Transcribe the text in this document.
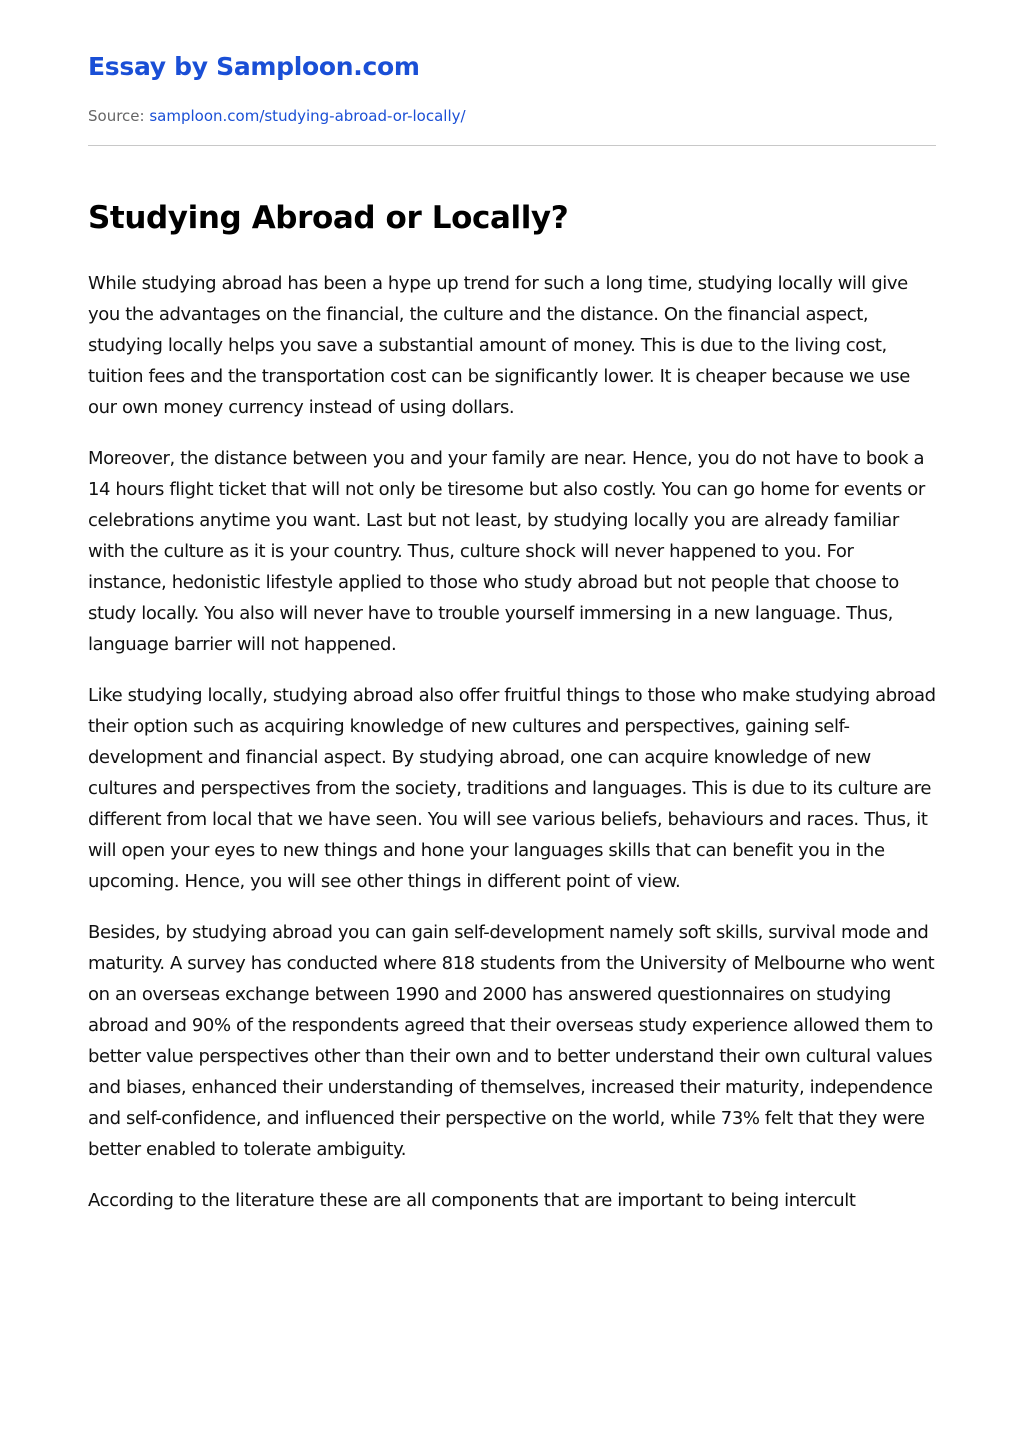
Essay by Samploon.com
Source: samploon.com/studying-abroad-or-locally/
Studying Abroad or Locally?

While studying abroad has been a hype up trend for such a long time, studying locally will give you the advantages on the financial, the culture and the distance. On the financial aspect, studying locally helps you save a substantial amount of money. This is due to the living cost, tuition fees and the transportation cost can be significantly lower. It is cheaper because we use our own money currency instead of using dollars.

Moreover, the distance between you and your family are near. Hence, you do not have to book a 14 hours flight ticket that will not only be tiresome but also costly. You can go home for events or celebrations anytime you want. Last but not least, by studying locally you are already familiar with the culture as it is your country. Thus, culture shock will never happened to you. For instance, hedonistic lifestyle applied to those who study abroad but not people that choose to study locally. You also will never have to trouble yourself immersing in a new language. Thus, language barrier will not happened.

Like studying locally, studying abroad also offer fruitful things to those who make studying abroad their option such as acquiring knowledge of new cultures and perspectives, gaining self-development and financial aspect. By studying abroad, one can acquire knowledge of new cultures and perspectives from the society, traditions and languages. This is due to its culture are different from local that we have seen. You will see various beliefs, behaviours and races. Thus, it will open your eyes to new things and hone your languages skills that can benefit you in the upcoming. Hence, you will see other things in different point of view.

Besides, by studying abroad you can gain self-development namely soft skills, survival mode and maturity. A survey has conducted where 818 students from the University of Melbourne who went on an overseas exchange between 1990 and 2000 has answered questionnaires on studying abroad and 90% of the respondents agreed that their overseas study experience allowed them to better value perspectives other than their own and to better understand their own cultural values and biases, enhanced their understanding of themselves, increased their maturity, independence and self-confidence, and influenced their perspective on the world, while 73% felt that they were better enabled to tolerate ambiguity.

According to the literature these are all components that are important to being intercult
